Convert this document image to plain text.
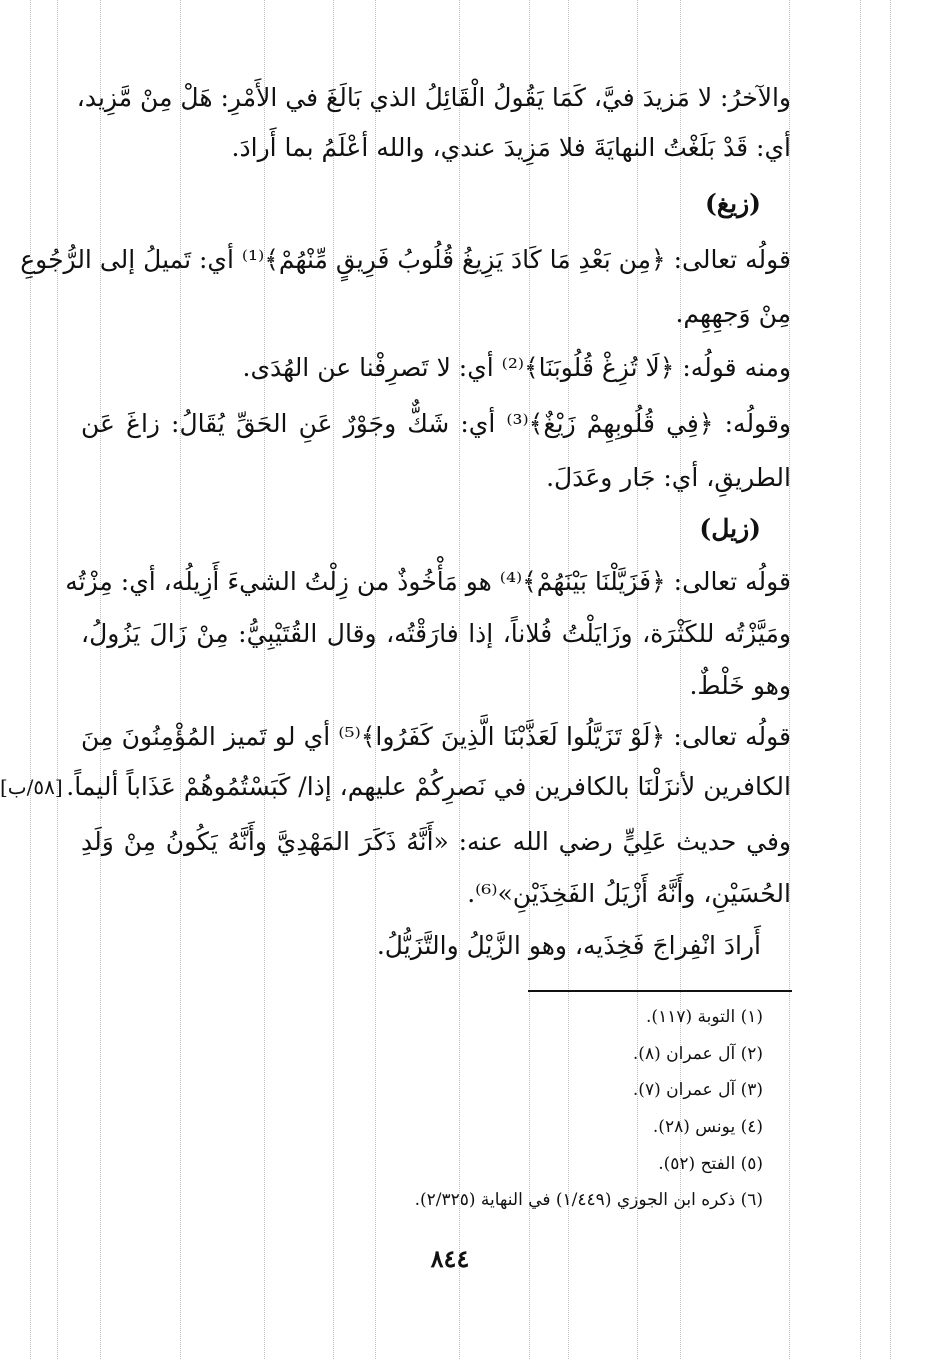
والآخرُ: لا مَزيدَ فيَّ، كَمَا يَقُولُ الْقَائِلُ الذي بَالَغَ في الأَمْرِ: هَلْ مِنْ مَّزِيد،
أي: قَدْ بَلَغْتُ النهايَةَ فلا مَزِيدَ عندي، والله أعْلَمُ بما أَرادَ.
(زيغ)
قولُه تعالى: ﴿مِن بَعْدِ مَا كَادَ يَزِيغُ قُلُوبُ فَرِيقٍ مِّنْهُمْ﴾⁽¹⁾ أي: تَميلُ إلى الرُّجُوعِ
مِنْ وَجهِهِم.
ومنه قولُه: ﴿لَا تُزِغْ قُلُوبَنَا﴾⁽²⁾ أي: لا تَصرِفْنا عن الهُدَى.
وقولُه: ﴿فِي قُلُوبِهِمْ زَيْغٌ﴾⁽³⁾ أي: شَكٌّ وجَوْرٌ عَنِ الحَقِّ يُقَالُ: زاغَ عَن
الطريقِ، أي: جَار وعَدَلَ.
(زيل)
قولُه تعالى: ﴿فَزَيَّلْنَا بَيْنَهُمْ﴾⁽⁴⁾ هو مَأْخُوذٌ من زِلْتُ الشيءَ أَزِيلُه، أي: مِزْتُه
ومَيَّزْتُه للكَثْرَة، وزَايَلْتُ فُلاناً، إذا فارَقْتُه، وقال القُتَيْبِيُّ: مِنْ زَالَ يَزُولُ،
وهو خَلْطٌ.
قولُه تعالى: ﴿لَوْ تَزَيَّلُوا لَعَذَّبْنَا الَّذِينَ كَفَرُوا﴾⁽⁵⁾ أي لو تَميز المُؤْمِنُونَ مِنَ
الكافرين لأنزَلْنَا بالكافرين في نَصرِكُمْ عليهم، إذا/ كَبَسْتُمُوهُمْ عَذَاباً أليماً.
[٥٨/ب]
وفي حديث عَلِيٍّ رضي الله عنه: «أَنَّهُ ذَكَرَ المَهْدِيَّ وأَنَّهُ يَكُونُ مِنْ وَلَدِ
الحُسَيْنِ، وأَنَّهُ أَزْيَلُ الفَخِذَيْنِ»⁽⁶⁾.
أَرادَ انْفِراجَ فَخِذَيه، وهو الزَّيْلُ والتَّزَيُّلُ.
(١) التوبة (١١٧).
(٢) آل عمران (٨).
(٣) آل عمران (٧).
(٤) يونس (٢٨).
(٥) الفتح (٥٢).
(٦) ذكره ابن الجوزي (١/٤٤٩) في النهاية (٢/٣٢٥).
٨٤٤
